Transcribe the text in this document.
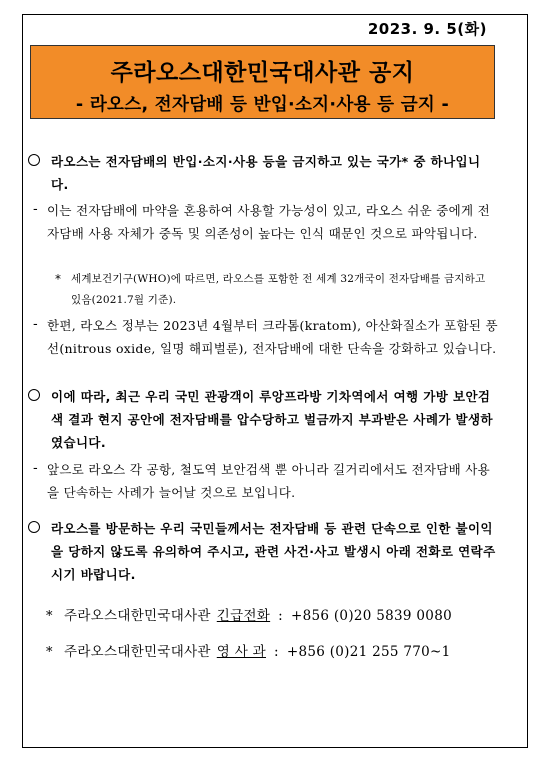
2023. 9. 5(화)
주라오스대한민국대사관 공지
- 라오스, 전자담배 등 반입·소지·사용 등 금지 -
라오스는 전자담배의 반입·소지·사용 등을 금지하고 있는 국가* 중 하나입니다.
- 이는 전자담배에 마약을 혼용하여 사용할 가능성이 있고, 라오스 쉬운 중에게 전자담배 사용 자체가 중독 및 의존성이 높다는 인식 때문인 것으로 파악됩니다.
* 세계보건기구(WHO)에 따르면, 라오스를 포함한 전 세계 32개국이 전자담배를 금지하고 있음(2021.7월 기준).
- 한편, 라오스 정부는 2023년 4월부터 크라톰(kratom), 아산화질소가 포함된 풍선(nitrous oxide, 일명 해피벌룬), 전자담배에 대한 단속을 강화하고 있습니다.
이에 따라, 최근 우리 국민 관광객이 루앙프라방 기차역에서 여행 가방 보안검색 결과 현지 공안에 전자담배를 압수당하고 벌금까지 부과받은 사례가 발생하였습니다.
- 앞으로 라오스 각 공항, 철도역 보안검색 뿐 아니라 길거리에서도 전자담배 사용을 단속하는 사례가 늘어날 것으로 보입니다.
라오스를 방문하는 우리 국민들께서는 전자담배 등 관련 단속으로 인한 불이익을 당하지 않도록 유의하여 주시고, 관련 사건·사고 발생시 아래 전화로 연락주시기 바랍니다.
* 주라오스대한민국대사관 긴급전화 : +856 (0)20 5839 0080
* 주라오스대한민국대사관 영 사 과 : +856 (0)21 255 770~1
